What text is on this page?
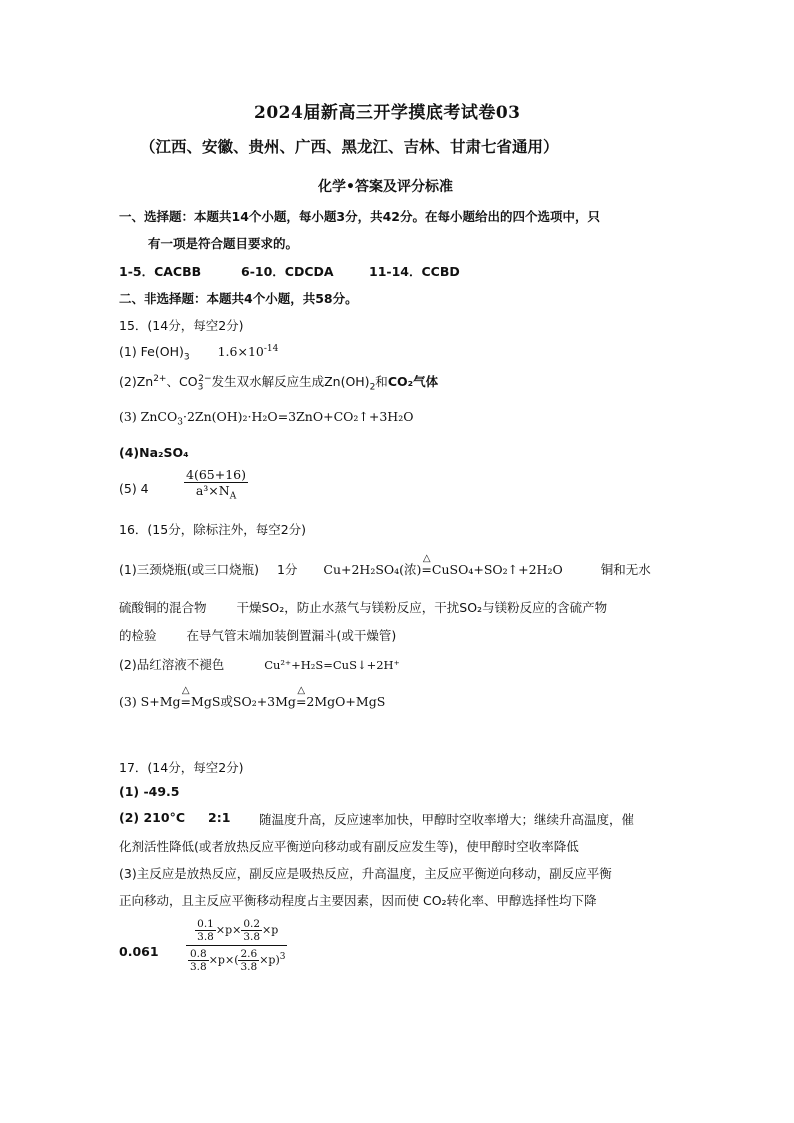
2024届新高三开学摸底考试卷03
（江西、安徽、贵州、广西、黑龙江、吉林、甘肃七省通用）
化学•答案及评分标准
一、选择题：本题共14个小题，每小题3分，共42分。在每小题给出的四个选项中，只
有一项是符合题目要求的。
1-5．CACBB	6-10．CDCDA	11-14．CCBD
二、非选择题：本题共4个小题，共58分。
15．(14分，每空2分)
(1) $Fe(OH)_3$ $1.6\times 10^{-14}$
$(2)Zn^{2+}$、$CO_3^{2-}$发生双水解反应生成$Zn(OH)_2$和CO₂气体
(3) ZnCO$_3$·2Zn(OH)₂·H₂O
=3ZnO+CO₂↑+3H₂O
(4)Na₂SO₄
(5) 4	$\frac{4(65+16)}{a^3\times N_A}$
16．(15分，除标注外，每空2分)
(1)三颈烧瓶(或三口烧瓶) 1分 Cu+2H₂SO₄(浓)
△
=CuSO₄+SO₂↑+2H₂O	铜和无水
硫酸铜的混合物 干燥SO₂，防止水蒸气与镁粉反应，干扰SO₂与镁粉反应的含硫产物
的检验 在导气管末端加装倒置漏斗(或干燥管)
(2)品红溶液不褪色	Cu²⁺+H₂S=CuS↓+2H⁺
(3) S+Mg
△
=MgS或SO₂+3Mg
△
=2MgO+MgS
17．(14分，每空2分)
(1) -49.5
(2) 210°C 2:1 随温度升高，反应速率加快，甲醇时空收率增大；继续升高温度，催
化剂活性降低(或者放热反应平衡逆向移动或有副反应发生等)，使甲醇时空收率降低
(3)主反应是放热反应，副反应是吸热反应，升高温度，主反应平衡逆向移动，副反应平衡
正向移动，且主反应平衡移动程度占主要因素，因而使 CO₂转化率、甲醇选择性均下降
0.061	$\frac{\frac{0.1}{3.8} \times p\times \frac{0.2}{3.8} \times p}{\frac{0.8}{3.8} \times p\times( \frac{2.6}{3.8} \times p)^3}$
